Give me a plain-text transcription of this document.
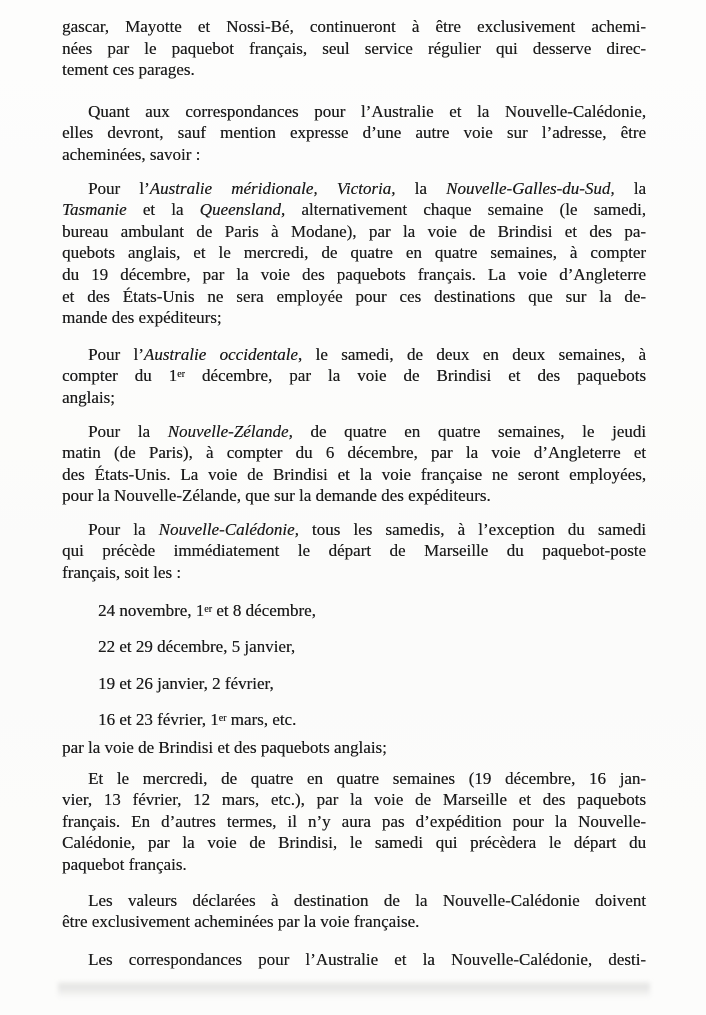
gascar, Mayotte et Nossi-Bé, continueront à être exclusivement achemi-
nées par le paquebot français, seul service régulier qui desserve direc-
tement ces parages.
Quant aux correspondances pour l’Australie et la Nouvelle-Calédonie,
elles devront, sauf mention expresse d’une autre voie sur l’adresse, être
acheminées, savoir :
Pour l’Australie méridionale, Victoria, la Nouvelle-Galles-du-Sud, la
Tasmanie et la Queensland, alternativement chaque semaine (le samedi,
bureau ambulant de Paris à Modane), par la voie de Brindisi et des pa-
quebots anglais, et le mercredi, de quatre en quatre semaines, à compter
du 19 décembre, par la voie des paquebots français. La voie d’Angleterre
et des États-Unis ne sera employée pour ces destinations que sur la de-
mande des expéditeurs;
Pour l’Australie occidentale, le samedi, de deux en deux semaines, à
compter du 1er décembre, par la voie de Brindisi et des paquebots
anglais;
Pour la Nouvelle-Zélande, de quatre en quatre semaines, le jeudi
matin (de Paris), à compter du 6 décembre, par la voie d’Angleterre et
des États-Unis. La voie de Brindisi et la voie française ne seront employées,
pour la Nouvelle-Zélande, que sur la demande des expéditeurs.
Pour la Nouvelle-Calédonie, tous les samedis, à l’exception du samedi
qui précède immédiatement le départ de Marseille du paquebot-poste
français, soit les :
24 novembre, 1er et 8 décembre,
22 et 29 décembre, 5 janvier,
19 et 26 janvier, 2 février,
16 et 23 février, 1er mars, etc.
par la voie de Brindisi et des paquebots anglais;
Et le mercredi, de quatre en quatre semaines (19 décembre, 16 jan-
vier, 13 février, 12 mars, etc.), par la voie de Marseille et des paquebots
français. En d’autres termes, il n’y aura pas d’expédition pour la Nouvelle-
Calédonie, par la voie de Brindisi, le samedi qui précèdera le départ du
paquebot français.
Les valeurs déclarées à destination de la Nouvelle-Calédonie doivent
être exclusivement acheminées par la voie française.
Les correspondances pour l’Australie et la Nouvelle-Calédonie, desti-
